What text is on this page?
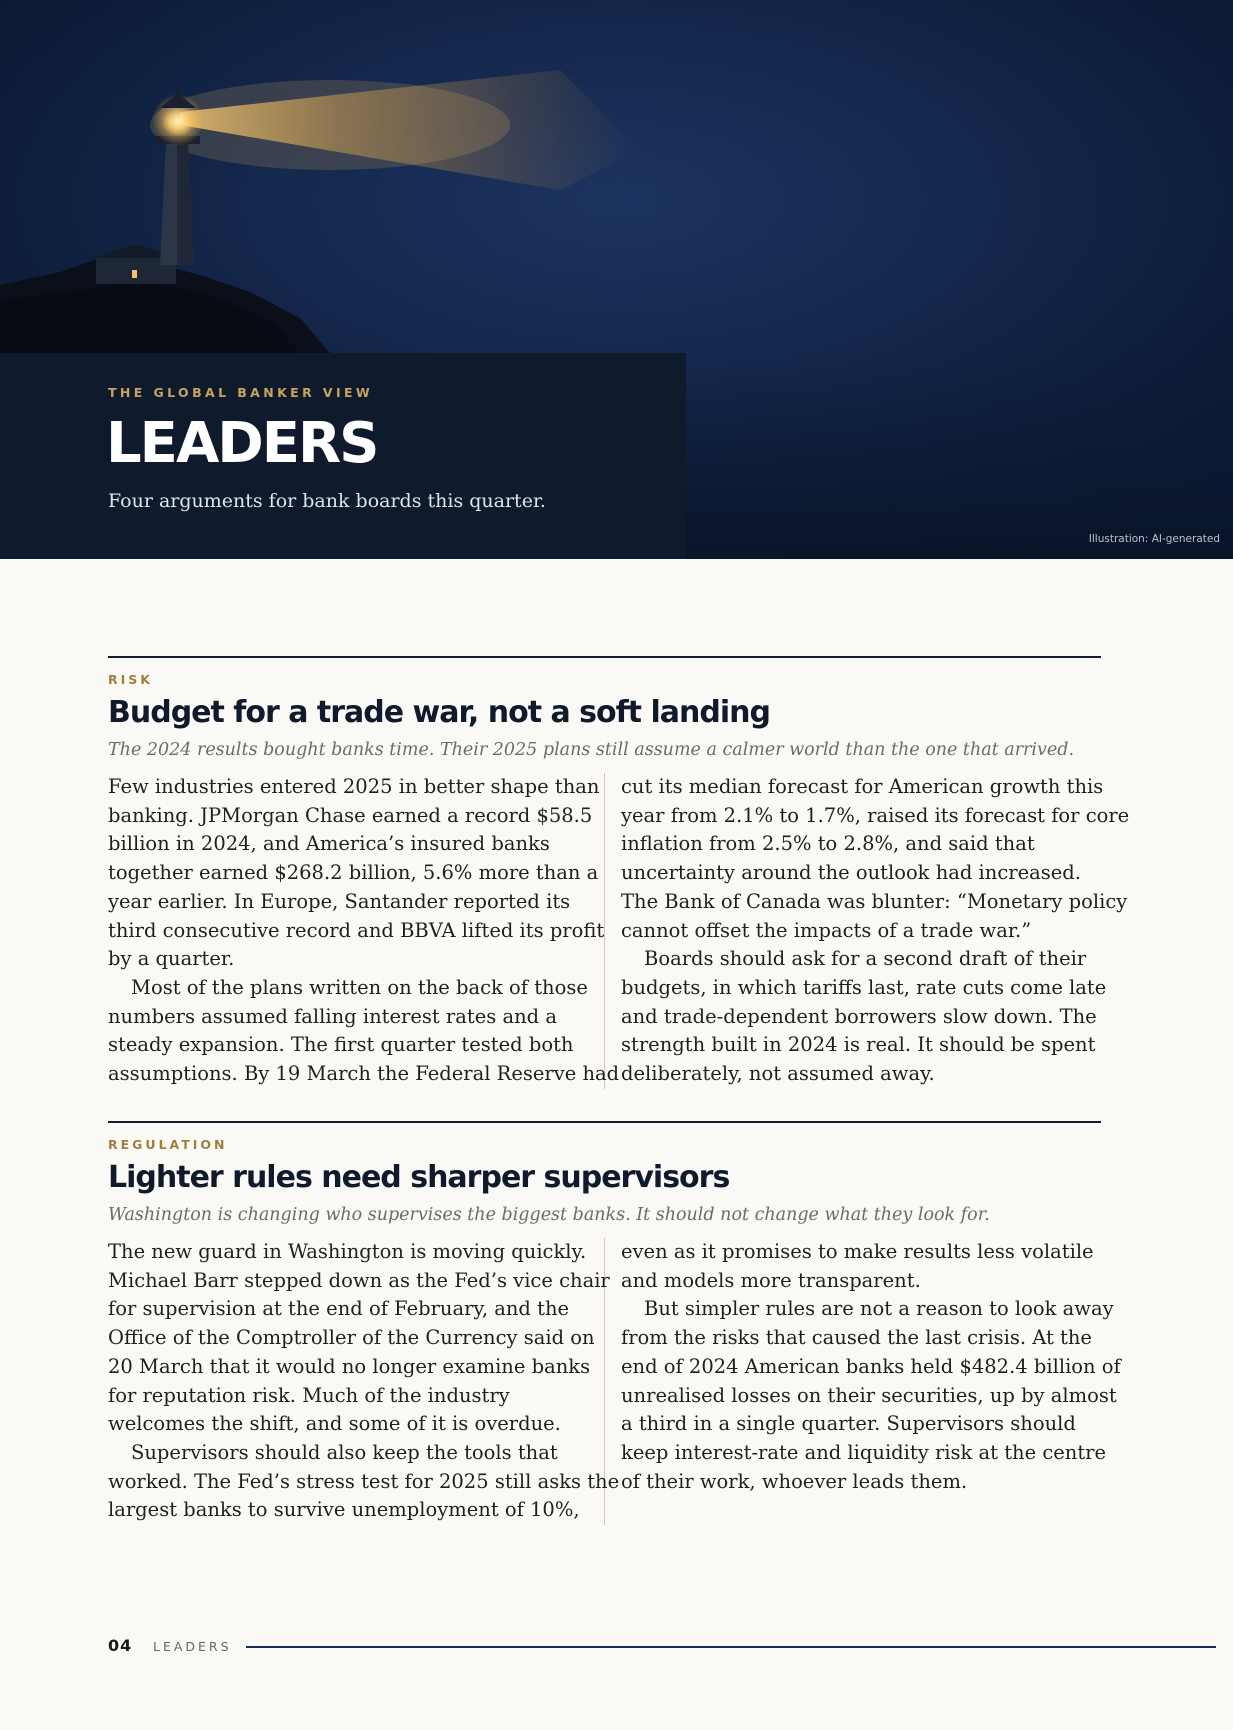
THE GLOBAL BANKER VIEW
LEADERS

Four arguments for bank boards this quarter.

Illustration: AI-generated
RISK
Budget for a trade war, not a soft landing

The 2024 results bought banks time. Their 2025 plans still assume a calmer world than the one that arrived.

Few industries entered 2025 in better shape than

banking. JPMorgan Chase earned a record $58.5

billion in 2024, and America’s insured banks

together earned $268.2 billion, 5.6% more than a

year earlier. In Europe, Santander reported its

third consecutive record and BBVA lifted its profit

by a quarter.

Most of the plans written on the back of those

numbers assumed falling interest rates and a

steady expansion. The first quarter tested both

assumptions. By 19 March the Federal Reserve had

cut its median forecast for American growth this

year from 2.1% to 1.7%, raised its forecast for core

inflation from 2.5% to 2.8%, and said that

uncertainty around the outlook had increased.

The Bank of Canada was blunter: “Monetary policy

cannot offset the impacts of a trade war.”

Boards should ask for a second draft of their

budgets, in which tariffs last, rate cuts come late

and trade-dependent borrowers slow down. The

strength built in 2024 is real. It should be spent

deliberately, not assumed away.

REGULATION
Lighter rules need sharper supervisors

Washington is changing who supervises the biggest banks. It should not change what they look for.

The new guard in Washington is moving quickly.

Michael Barr stepped down as the Fed’s vice chair

for supervision at the end of February, and the

Office of the Comptroller of the Currency said on

20 March that it would no longer examine banks

for reputation risk. Much of the industry

welcomes the shift, and some of it is overdue.

Supervisors should also keep the tools that

worked. The Fed’s stress test for 2025 still asks the

largest banks to survive unemployment of 10%,

even as it promises to make results less volatile

and models more transparent.

But simpler rules are not a reason to look away

from the risks that caused the last crisis. At the

end of 2024 American banks held $482.4 billion of

unrealised losses on their securities, up by almost

a third in a single quarter. Supervisors should

keep interest-rate and liquidity risk at the centre

of their work, whoever leads them.

04 LEADERS
